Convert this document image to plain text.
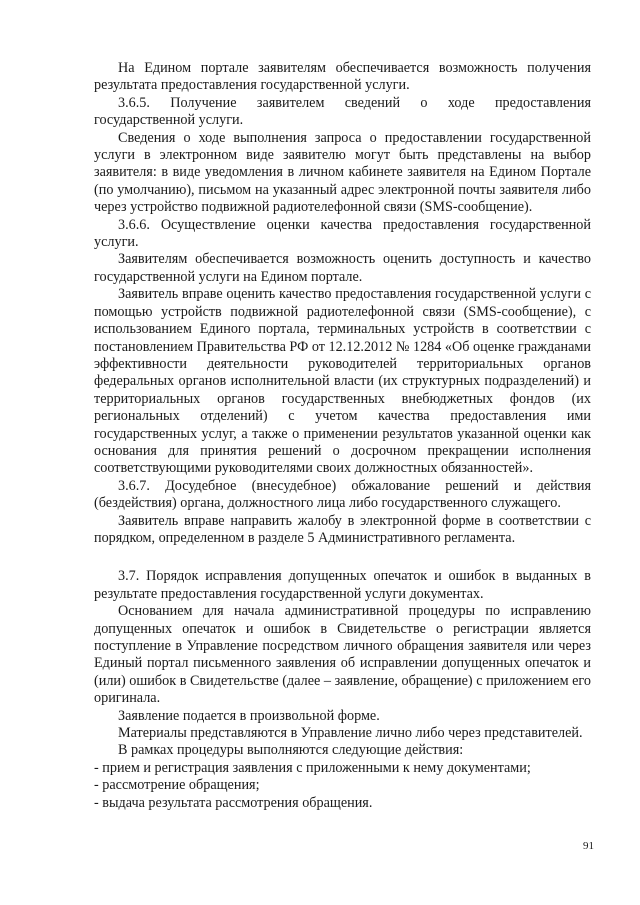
На Едином портале заявителям обеспечивается возможность получения результата предоставления государственной услуги.

3.6.5. Получение заявителем сведений о ходе предоставления государственной услуги.

Сведения о ходе выполнения запроса о предоставлении государственной услуги в электронном виде заявителю могут быть представлены на выбор заявителя: в виде уведомления в личном кабинете заявителя на Едином Портале (по умолчанию), письмом на указанный адрес электронной почты заявителя либо через устройство подвижной радиотелефонной связи (SMS-сообщение).

3.6.6. Осуществление оценки качества предоставления государственной услуги.

Заявителям обеспечивается возможность оценить доступность и качество государственной услуги на Едином портале.

Заявитель вправе оценить качество предоставления государственной услуги с помощью устройств подвижной радиотелефонной связи (SMS-сообщение), с использованием Единого портала, терминальных устройств в соответствии с постановлением Правительства РФ от 12.12.2012 № 1284 «Об оценке гражданами эффективности деятельности руководителей территориальных органов федеральных органов исполнительной власти (их структурных подразделений) и территориальных органов государственных внебюджетных фондов (их региональных отделений) с учетом качества предоставления ими государственных услуг, а также о применении результатов указанной оценки как основания для принятия решений о досрочном прекращении исполнения соответствующими руководителями своих должностных обязанностей».

3.6.7. Досудебное (внесудебное) обжалование решений и действия (бездействия) органа, должностного лица либо государственного служащего.

Заявитель вправе направить жалобу в электронной форме в соответствии с порядком, определенном в разделе 5 Административного регламента.

3.7. Порядок исправления допущенных опечаток и ошибок в выданных в результате предоставления государственной услуги документах.

Основанием для начала административной процедуры по исправлению допущенных опечаток и ошибок в Свидетельстве о регистрации является поступление в Управление посредством личного обращения заявителя или через Единый портал письменного заявления об исправлении допущенных опечаток и (или) ошибок в Свидетельстве (далее – заявление, обращение) с приложением его оригинала.

Заявление подается в произвольной форме.

Материалы представляются в Управление лично либо через представителей.

В рамках процедуры выполняются следующие действия:

- прием и регистрация заявления с приложенными к нему документами;

- рассмотрение обращения;

- выдача результата рассмотрения обращения.

91
